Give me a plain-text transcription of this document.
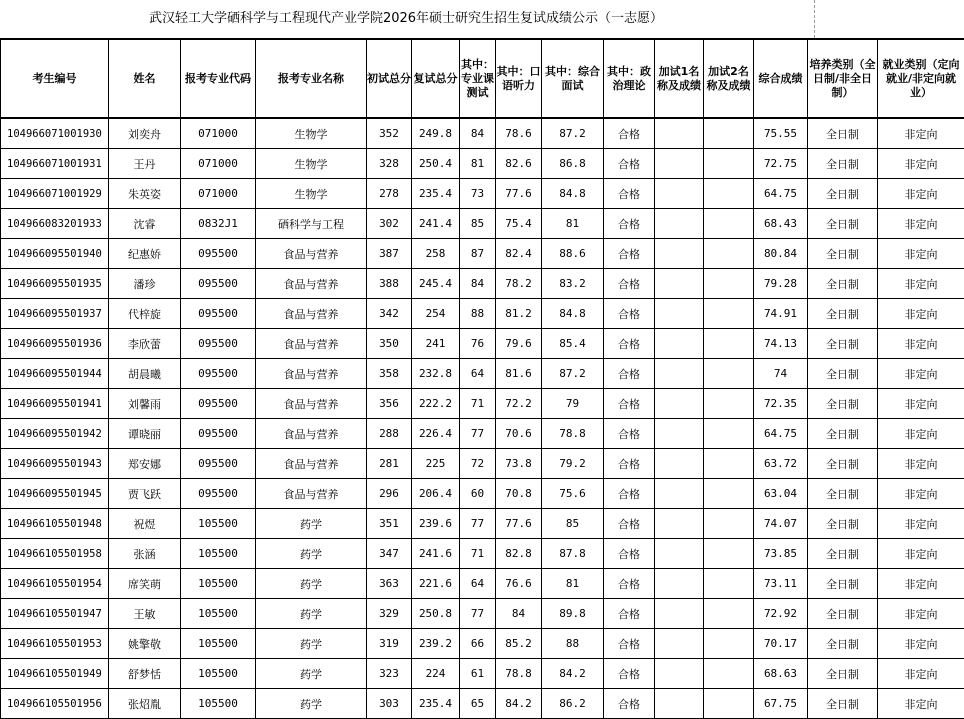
武汉轻工大学硒科学与工程现代产业学院2026年硕士研究生招生复试成绩公示（一志愿）
考生编号	姓名	报考专业代码	报考专业名称	初试总分	复试总分	其中：专业课测试	其中：口语听力	其中：综合面试	其中：政治理论	加试1名称及成绩	加试2名称及成绩	综合成绩	培养类别（全日制/非全日制）	就业类别（定向就业/非定向就业）
104966071001930	刘奕舟	071000	生物学	352	249.8	84	78.6	87.2	合格			75.55	全日制	非定向
104966071001931	王丹	071000	生物学	328	250.4	81	82.6	86.8	合格			72.75	全日制	非定向
104966071001929	朱英姿	071000	生物学	278	235.4	73	77.6	84.8	合格			64.75	全日制	非定向
104966083201933	沈睿	0832J1	硒科学与工程	302	241.4	85	75.4	81	合格			68.43	全日制	非定向
104966095501940	纪惠娇	095500	食品与营养	387	258	87	82.4	88.6	合格			80.84	全日制	非定向
104966095501935	潘珍	095500	食品与营养	388	245.4	84	78.2	83.2	合格			79.28	全日制	非定向
104966095501937	代梓旋	095500	食品与营养	342	254	88	81.2	84.8	合格			74.91	全日制	非定向
104966095501936	李欣蕾	095500	食品与营养	350	241	76	79.6	85.4	合格			74.13	全日制	非定向
104966095501944	胡晨曦	095500	食品与营养	358	232.8	64	81.6	87.2	合格			74	全日制	非定向
104966095501941	刘馨雨	095500	食品与营养	356	222.2	71	72.2	79	合格			72.35	全日制	非定向
104966095501942	谭晓丽	095500	食品与营养	288	226.4	77	70.6	78.8	合格			64.75	全日制	非定向
104966095501943	郑安娜	095500	食品与营养	281	225	72	73.8	79.2	合格			63.72	全日制	非定向
104966095501945	贾飞跃	095500	食品与营养	296	206.4	60	70.8	75.6	合格			63.04	全日制	非定向
104966105501948	祝煜	105500	药学	351	239.6	77	77.6	85	合格			74.07	全日制	非定向
104966105501958	张涵	105500	药学	347	241.6	71	82.8	87.8	合格			73.85	全日制	非定向
104966105501954	席笑萌	105500	药学	363	221.6	64	76.6	81	合格			73.11	全日制	非定向
104966105501947	王敏	105500	药学	329	250.8	77	84	89.8	合格			72.92	全日制	非定向
104966105501953	姚擎敬	105500	药学	319	239.2	66	85.2	88	合格			70.17	全日制	非定向
104966105501949	舒梦恬	105500	药学	323	224	61	78.8	84.2	合格			68.63	全日制	非定向
104966105501956	张炤胤	105500	药学	303	235.4	65	84.2	86.2	合格			67.75	全日制	非定向
